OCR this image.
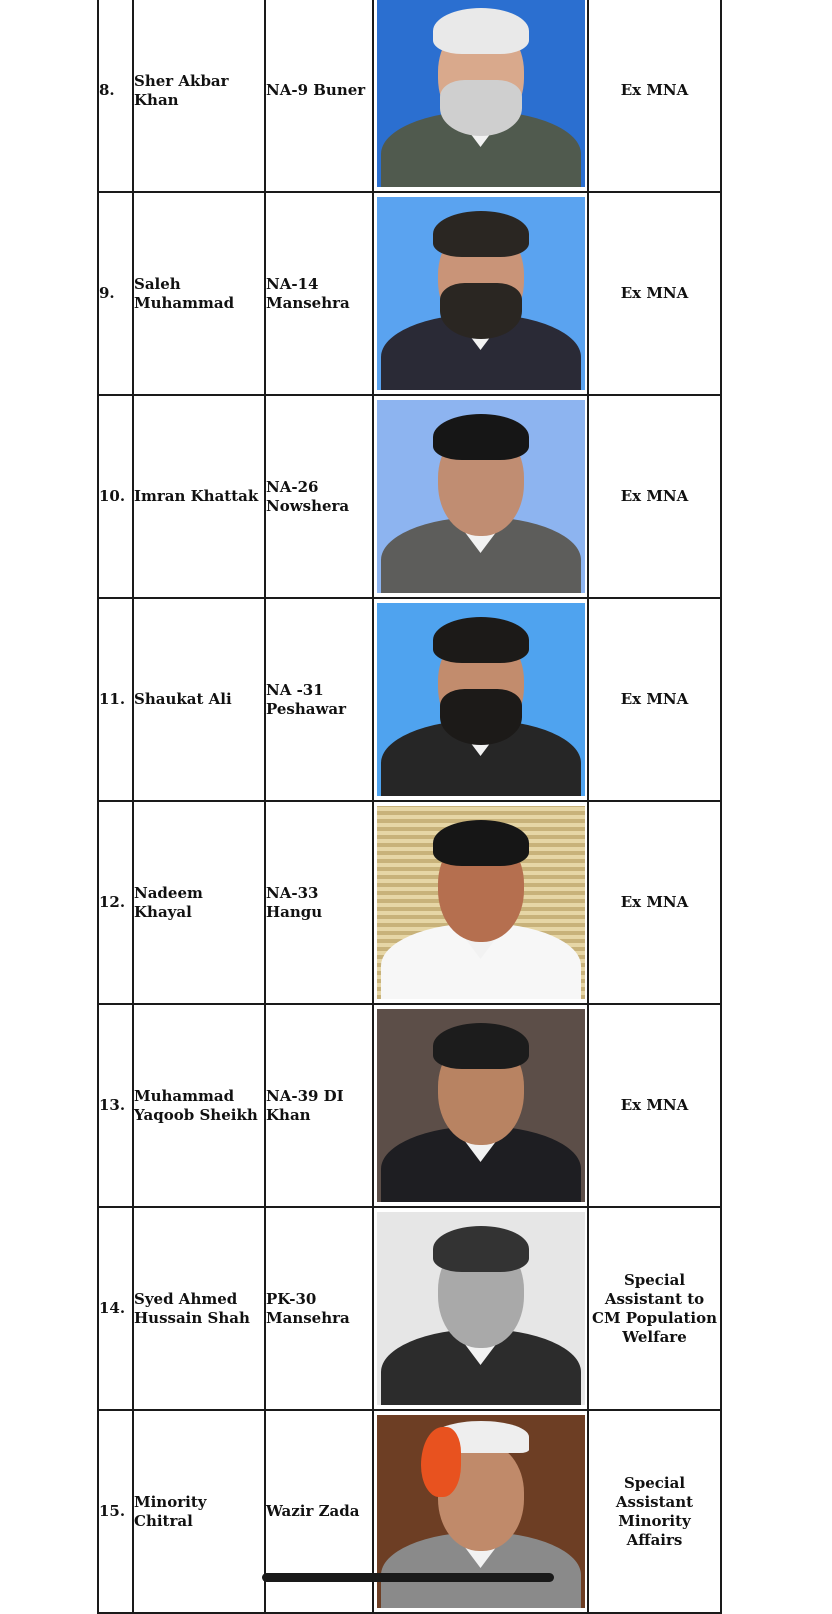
8.	Sher Akbar Khan	NA-9 Buner		Ex MNA
9.	Saleh Muhammad	NA-14 Mansehra		Ex MNA
10.	Imran Khattak	NA-26 Nowshera		Ex MNA
11.	Shaukat Ali	NA -31 Peshawar		Ex MNA
12.	Nadeem Khayal	NA-33 Hangu		Ex MNA
13.	Muhammad Yaqoob Sheikh	NA-39 DI Khan		Ex MNA
14.	Syed Ahmed Hussain Shah	PK-30 Mansehra		Special Assistant to CM Population Welfare
15.	Minority Chitral	Wazir Zada		Special Assistant Minority Affairs
